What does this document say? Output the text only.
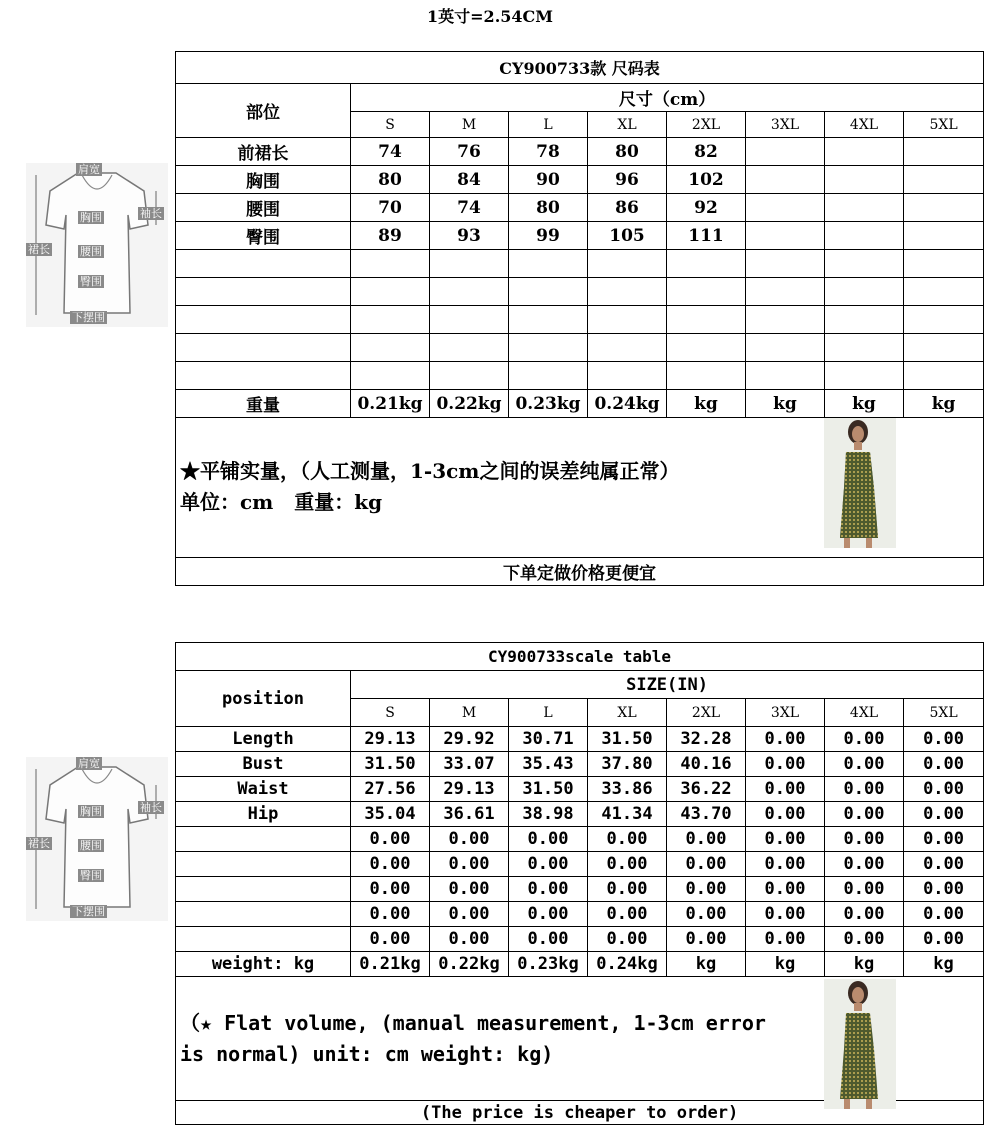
1英寸=2.54CM
CY900733款 尺码表								
部位	尺寸（cm）							
	S	M	L	XL	2XL	3XL	4XL	5XL
前裙长	74	76	78	80	82			
胸围	80	84	90	96	102			
腰围	70	74	80	86	92			
臀围	89	93	99	105	111			

重量	0.21kg	0.22kg	0.23kg	0.24kg	kg	kg	kg	kg

★平铺实量，（人工测量，1-3cm之间的误差纯属正常）
单位：cm   重量：kg								

下单定做价格更便宜								
CY900733scale table								
position	SIZE(IN)							
	S	M	L	XL	2XL	3XL	4XL	5XL
Length	29.13	29.92	30.71	31.50	32.28	0.00	0.00	0.00
Bust	31.50	33.07	35.43	37.80	40.16	0.00	0.00	0.00
Waist	27.56	29.13	31.50	33.86	36.22	0.00	0.00	0.00
Hip	35.04	36.61	38.98	41.34	43.70	0.00	0.00	0.00
	0.00	0.00	0.00	0.00	0.00	0.00	0.00	0.00
	0.00	0.00	0.00	0.00	0.00	0.00	0.00	0.00
	0.00	0.00	0.00	0.00	0.00	0.00	0.00	0.00
	0.00	0.00	0.00	0.00	0.00	0.00	0.00	0.00
	0.00	0.00	0.00	0.00	0.00	0.00	0.00	0.00
weight: kg	0.21kg	0.22kg	0.23kg	0.24kg	kg	kg	kg	kg

（★ Flat volume, (manual measurement, 1-3cm error is normal) unit: cm weight: kg)								

(The price is cheaper to order)								
肩宽
袖长
胸围
腰围
臀围
下摆围
裙长
肩宽
袖长
胸围
腰围
臀围
下摆围
裙长
